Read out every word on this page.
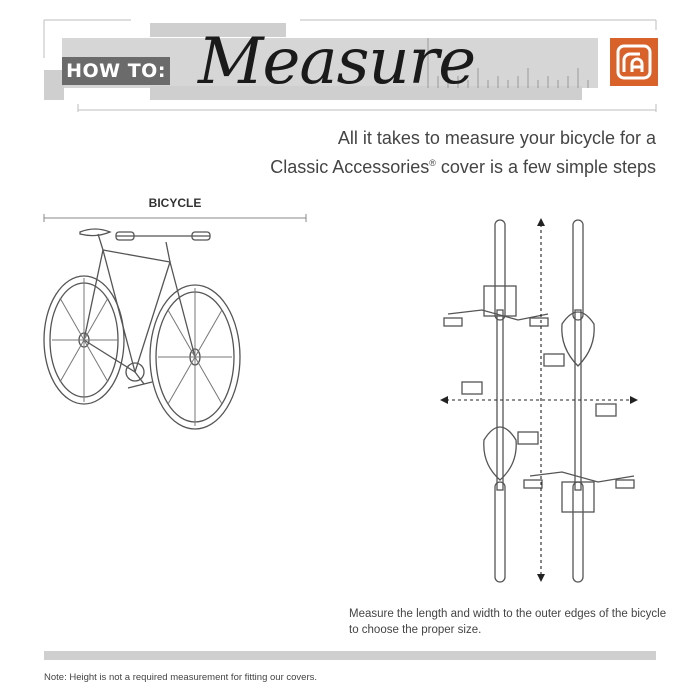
HOW TO: Measure
All it takes to measure your bicycle for a
Classic Accessories® cover is a few simple steps
BICYCLE
Measure the length and width to the outer edges of the bicycle to choose the proper size.
Note: Height is not a required measurement for fitting our covers.
